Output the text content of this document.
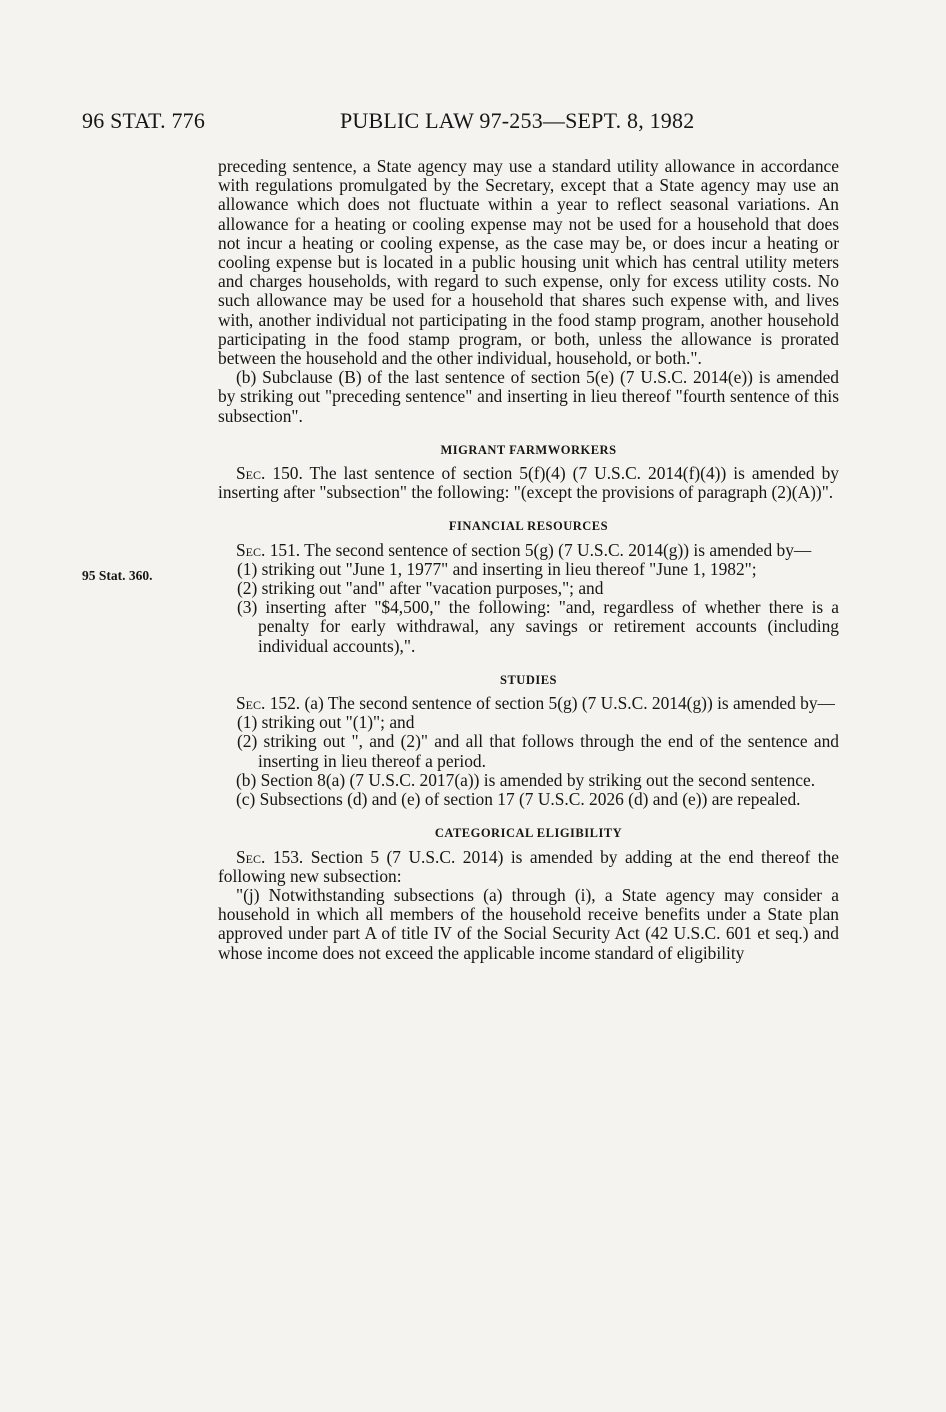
96 STAT. 776	PUBLIC LAW 97-253—SEPT. 8, 1982
95 Stat. 360.

preceding sentence, a State agency may use a standard utility allowance in accordance with regulations promulgated by the Secretary, except that a State agency may use an allowance which does not fluctuate within a year to reflect seasonal variations. An allowance for a heating or cooling expense may not be used for a household that does not incur a heating or cooling expense, as the case may be, or does incur a heating or cooling expense but is located in a public housing unit which has central utility meters and charges households, with regard to such expense, only for excess utility costs. No such allowance may be used for a household that shares such expense with, and lives with, another individual not participating in the food stamp program, another household participating in the food stamp program, or both, unless the allowance is prorated between the household and the other individual, household, or both.".

(b) Subclause (B) of the last sentence of section 5(e) (7 U.S.C. 2014(e)) is amended by striking out "preceding sentence" and inserting in lieu thereof "fourth sentence of this subsection".

MIGRANT FARMWORKERS

Sec. 150. The last sentence of section 5(f)(4) (7 U.S.C. 2014(f)(4)) is amended by inserting after "subsection" the following: "(except the provisions of paragraph (2)(A))".

FINANCIAL RESOURCES

Sec. 151. The second sentence of section 5(g) (7 U.S.C. 2014(g)) is amended by—

(1) striking out "June 1, 1977" and inserting in lieu thereof "June 1, 1982";

(2) striking out "and" after "vacation purposes,"; and

(3) inserting after "$4,500," the following: "and, regardless of whether there is a penalty for early withdrawal, any savings or retirement accounts (including individual accounts),".

STUDIES

Sec. 152. (a) The second sentence of section 5(g) (7 U.S.C. 2014(g)) is amended by—

(1) striking out "(1)"; and

(2) striking out ", and (2)" and all that follows through the end of the sentence and inserting in lieu thereof a period.

(b) Section 8(a) (7 U.S.C. 2017(a)) is amended by striking out the second sentence.

(c) Subsections (d) and (e) of section 17 (7 U.S.C. 2026 (d) and (e)) are repealed.

CATEGORICAL ELIGIBILITY

Sec. 153. Section 5 (7 U.S.C. 2014) is amended by adding at the end thereof the following new subsection:

"(j) Notwithstanding subsections (a) through (i), a State agency may consider a household in which all members of the household receive benefits under a State plan approved under part A of title IV of the Social Security Act (42 U.S.C. 601 et seq.) and whose income does not exceed the applicable income standard of eligibility
